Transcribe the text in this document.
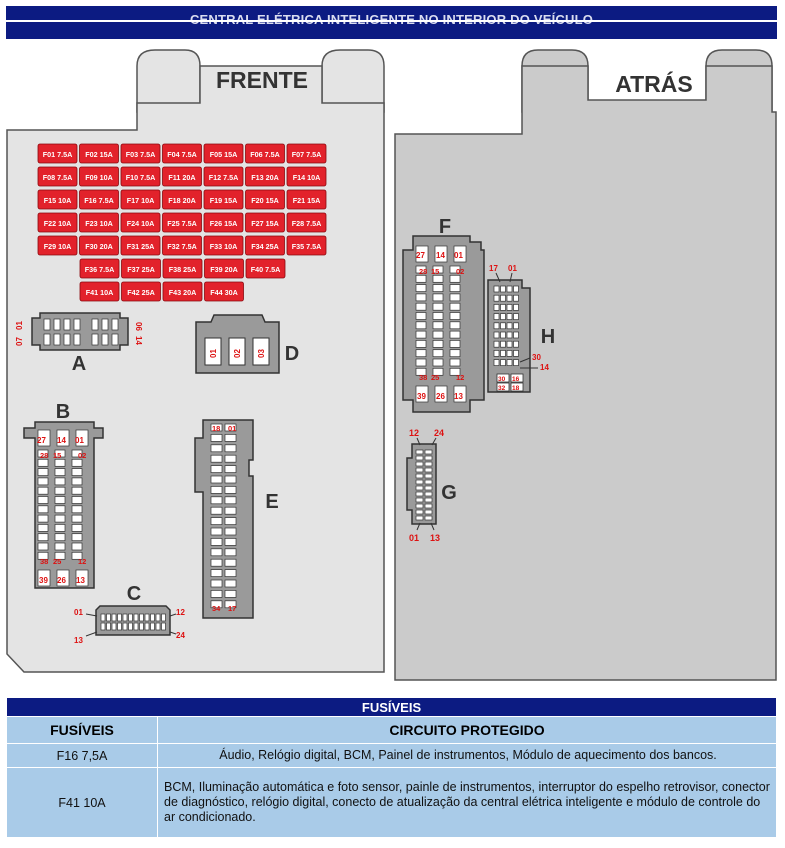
FRENTE	ATRÁS
F01 7.5A F02 15A F03 7.5A F04 7.5A F05 15A F06 7.5A F07 7.5A
F08 7.5A F09 10A F10 7.5A F11 20A F12 7.5A F13 20A F14 10A
F15 10A F16 7.5A F17 10A F18 20A F19 15A F20 15A F21 15A
F22 10A F23 10A F24 10A F25 7.5A F26 15A F27 15A F28 7.5A
F29 10A F30 20A F31 25A F32 7.5A F33 10A F34 25A F35 7.5A
F36 7.5A F37 25A F38 25A F39 20A F40 7.5A
F41 10A F42 25A F43 20A F44 30A
01
07
06
14
A	01 02 03 D
27 14 01
28 15 02
38 25 12
39 26 13
B
01	12
13
24
C
18 01
34 17
E
27 14 01
28 15 02
38 25 12
39 26 13
F
17 01
30
14
30 16
32 18
H
12 24
01 13
G
FUSÍVEIS	
FUSÍVEIS	CIRCUITO PROTEGIDO
F16 7,5A	Áudio, Relógio digital, BCM, Painel de instrumentos, Módulo de aquecimento dos bancos.
F41 10A	BCM, Iluminação automática e foto sensor, painle de instrumentos, interruptor do espelho retrovisor, conector de diagnóstico, relógio digital, conecto de atualização da central elétrica inteligente e módulo de controle do ar condicionado.
